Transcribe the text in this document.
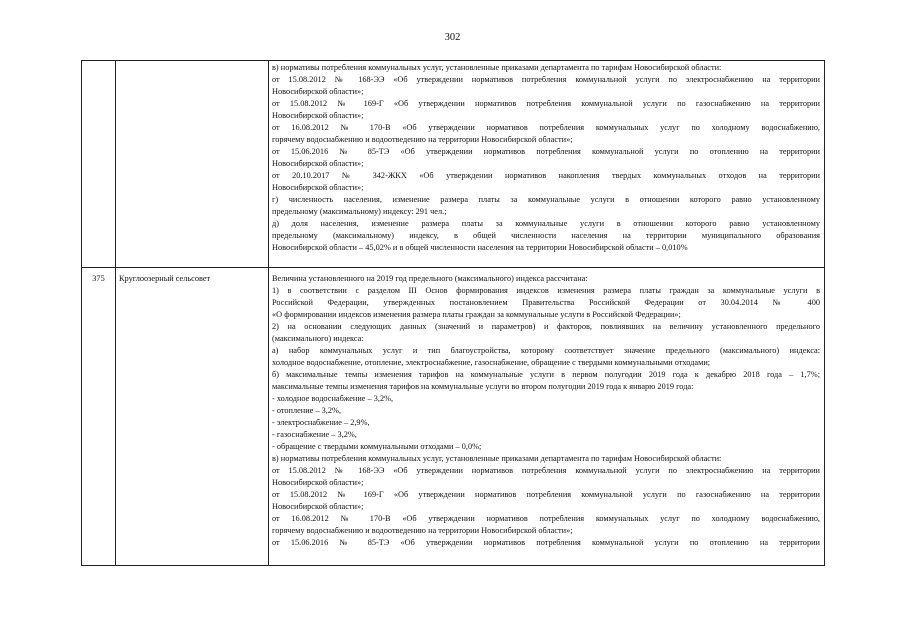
302
в) нормативы потребления коммунальных услуг, установленные приказами департамента по тарифам Новосибирской области:
от 15.08.2012 № 168-ЭЭ «Об утверждении нормативов потребления коммунальной услуги по электроснабжению на территории
Новосибирской области»;
от 15.08.2012 № 169-Г «Об утверждении нормативов потребления коммунальной услуги по газоснабжению на территории
Новосибирской области»;
от 16.08.2012 № 170-В «Об утверждении нормативов потребления коммунальных услуг по холодному водоснабжению,
горячему водоснабжению и водоотведению на территории Новосибирской области»;
от 15.06.2016 № 85-ТЭ «Об утверждении нормативов потребления коммунальной услуги по отоплению на территории
Новосибирской области»;
от 20.10.2017 № 342-ЖКХ «Об утверждении нормативов накопления твердых коммунальных отходов на территории
Новосибирской области»;
г) численность населения, изменение размера платы за коммунальные услуги в отношении которого равно установленному
предельному (максимальному) индексу: 291 чел.;
д) доля населения, изменение размера платы за коммунальные услуги в отношении которого равно установленному
предельному (максимальному) индексу, в общей численности населения на территории муниципального образования
Новосибирской области – 45,02% и в общей численности населения на территории Новосибирской области – 0,010%
375	Круглоозерный сельсовет	Величина установленного на 2019 год предельного (максимального) индекса рассчитана:
1) в соответствии с разделом III Основ формирования индексов изменения размера платы граждан за коммунальные услуги в
Российской Федерации, утвержденных постановлением Правительства Российской Федерации от 30.04.2014 № 400
«О формировании индексов изменения размера платы граждан за коммунальные услуги в Российской Федерации»;
2) на основании следующих данных (значений и параметров) и факторов, повлиявших на величину установленного предельного
(максимального) индекса:
а) набор коммунальных услуг и тип благоустройства, которому соответствует значение предельного (максимального) индекса:
холодное водоснабжение, отопление, электроснабжение, газоснабжение, обращение с твердыми коммунальными отходами;
б) максимальные темпы изменения тарифов на коммунальные услуги в первом полугодии 2019 года к декабрю 2018 года – 1,7%;
максимальные темпы изменения тарифов на коммунальные услуги во втором полугодии 2019 года к январю 2019 года:
- холодное водоснабжение – 3,2%,
- отопление – 3,2%,
- электроснабжение – 2,9%,
- газоснабжение – 3,2%,
- обращение с твердыми коммунальными отходами – 0,0%;
в) нормативы потребления коммунальных услуг, установленные приказами департамента по тарифам Новосибирской области:
от 15.08.2012 № 168-ЭЭ «Об утверждении нормативов потребления коммунальной услуги по электроснабжению на территории
Новосибирской области»;
от 15.08.2012 № 169-Г «Об утверждении нормативов потребления коммунальной услуги по газоснабжению на территории
Новосибирской области»;
от 16.08.2012 № 170-В «Об утверждении нормативов потребления коммунальных услуг по холодному водоснабжению,
горячему водоснабжению и водоотведению на территории Новосибирской области»;
от 15.06.2016 № 85-ТЭ «Об утверждении нормативов потребления коммунальной услуги по отоплению на территории
